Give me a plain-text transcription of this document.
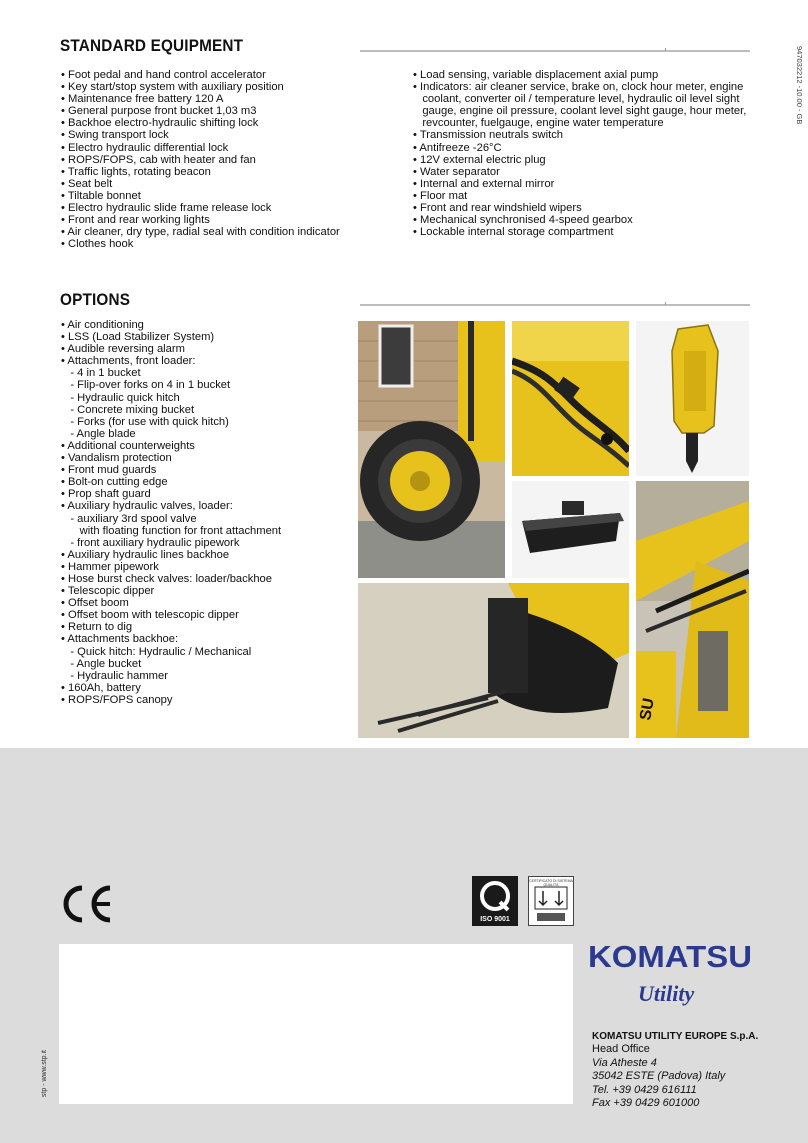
STANDARD EQUIPMENT
• Foot pedal and hand control accelerator
• Key start/stop system with auxiliary position
• Maintenance free battery 120 A
• General purpose front bucket 1,03 m3
• Backhoe electro-hydraulic shifting lock
• Swing transport lock
• Electro hydraulic differential lock
• ROPS/FOPS, cab with heater and fan
• Traffic lights, rotating beacon
• Seat belt
• Tiltable bonnet
• Electro hydraulic slide frame release lock
• Front and rear working lights
• Air cleaner, dry type, radial seal with condition indicator
• Clothes hook
• Load sensing, variable displacement axial pump
• Indicators: air cleaner service, brake on, clock hour meter, engine
coolant, converter oil / temperature level, hydraulic oil level sight
gauge, engine oil pressure, coolant level sight gauge, hour meter,
revcounter, fuelgauge, engine water temperature
• Transmission neutrals switch
• Antifreeze -26°C
• 12V external electric plug
• Water separator
• Internal and external mirror
• Floor mat
• Front and rear windshield wipers
• Mechanical synchronised 4-speed gearbox
• Lockable internal storage compartment
947032212 -10.00 - GB
OPTIONS
• Air conditioning
• LSS (Load Stabilizer System)
• Audible reversing alarm
• Attachments, front loader:
- 4 in 1 bucket
- Flip-over forks on 4 in 1 bucket
- Hydraulic quick hitch
- Concrete mixing bucket
- Forks (for use with quick hitch)
- Angle blade
• Additional counterweights
• Vandalism protection
• Front mud guards
• Bolt-on cutting edge
• Prop shaft guard
• Auxiliary hydraulic valves, loader:
- auxiliary 3rd spool valve
with floating function for front attachment
- front auxiliary hydraulic pipework
• Auxiliary hydraulic lines backhoe
• Hammer pipework
• Hose burst check valves: loader/backhoe
• Telescopic dipper
• Offset boom
• Offset boom with telescopic dipper
• Return to dig
• Attachments backhoe:
- Quick hitch: Hydraulic / Mechanical
- Angle bucket
- Hydraulic hammer
• 160Ah, battery
• ROPS/FOPS canopy	SU
ISO 9001
CERTIFICATO DI SISTEMA QUALITÀ
KOMATSU
Utility
KOMATSU UTILITY EUROPE S.p.A.
Head Office
Via Atheste 4
35042 ESTE (Padova) Italy
Tel. +39 0429 616111
Fax +39 0429 601000
stp - www.stp.it
